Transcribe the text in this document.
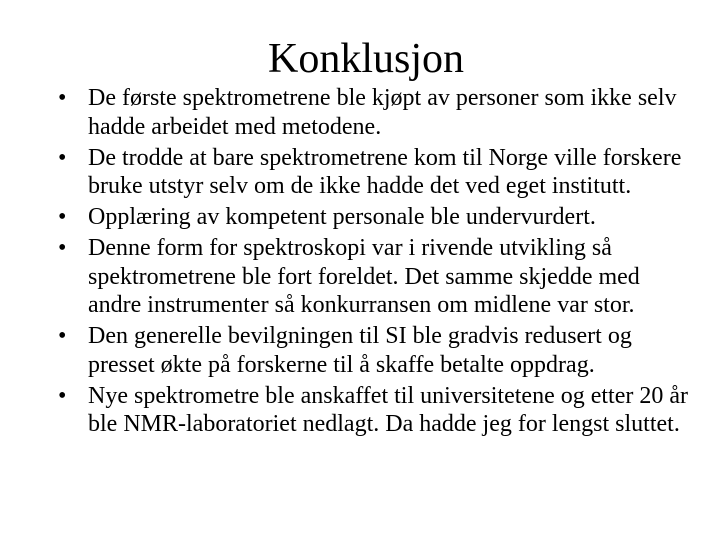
Konklusjon
• De første spektrometrene ble kjøpt av personer som ikke selv hadde arbeidet med metodene.
• De trodde at bare spektrometrene kom til Norge ville forskere bruke utstyr selv om de ikke hadde det ved eget institutt.
• Opplæring av kompetent personale ble undervurdert.
• Denne form for spektroskopi var i rivende utvikling så spektrometrene ble fort foreldet. Det samme skjedde med andre instrumenter så konkurransen om midlene var stor.
• Den generelle bevilgningen til SI ble gradvis redusert og presset økte på forskerne til å skaffe betalte oppdrag.
• Nye spektrometre ble anskaffet til universitetene og etter 20 år ble NMR-laboratoriet nedlagt. Da hadde jeg for lengst sluttet.
